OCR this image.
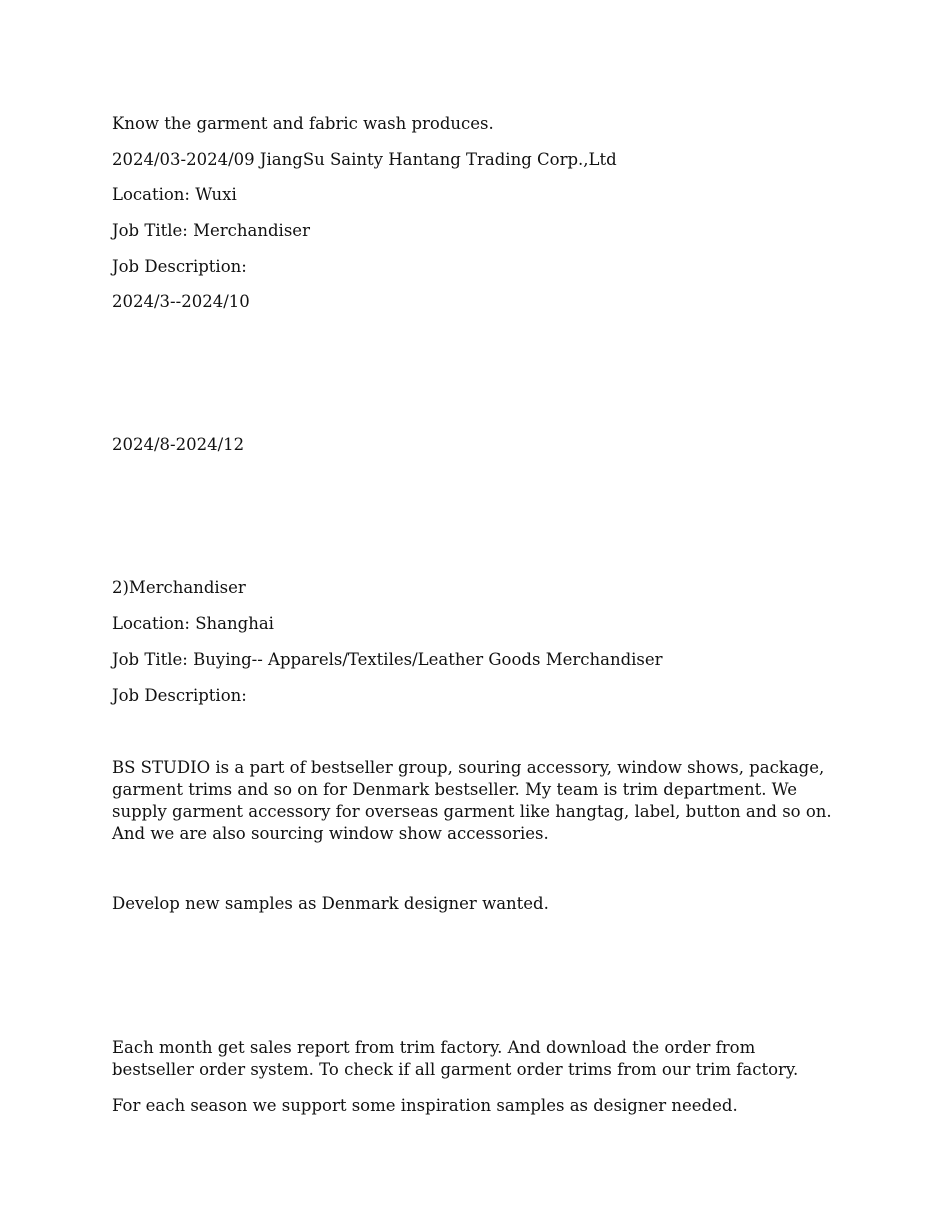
Know the garment and fabric wash produces.
2024/03-2024/09 JiangSu Sainty Hantang Trading Corp.,Ltd
Location: Wuxi
Job Title: Merchandiser
Job Description:
2024/3--2024/10
2024/8-2024/12
2)Merchandiser
Location: Shanghai
Job Title: Buying-- Apparels/Textiles/Leather Goods Merchandiser
Job Description:
BS STUDIO is a part of bestseller group, souring accessory, window shows, package, garment trims and so on for Denmark bestseller. My team is trim department. We supply garment accessory for overseas garment like hangtag, label, button and so on. And we are also sourcing window show accessories.
Develop new samples as Denmark designer wanted.
Each month get sales report from trim factory. And download the order from bestseller order system. To check if all garment order trims from our trim factory.
For each season we support some inspiration samples as designer needed.
